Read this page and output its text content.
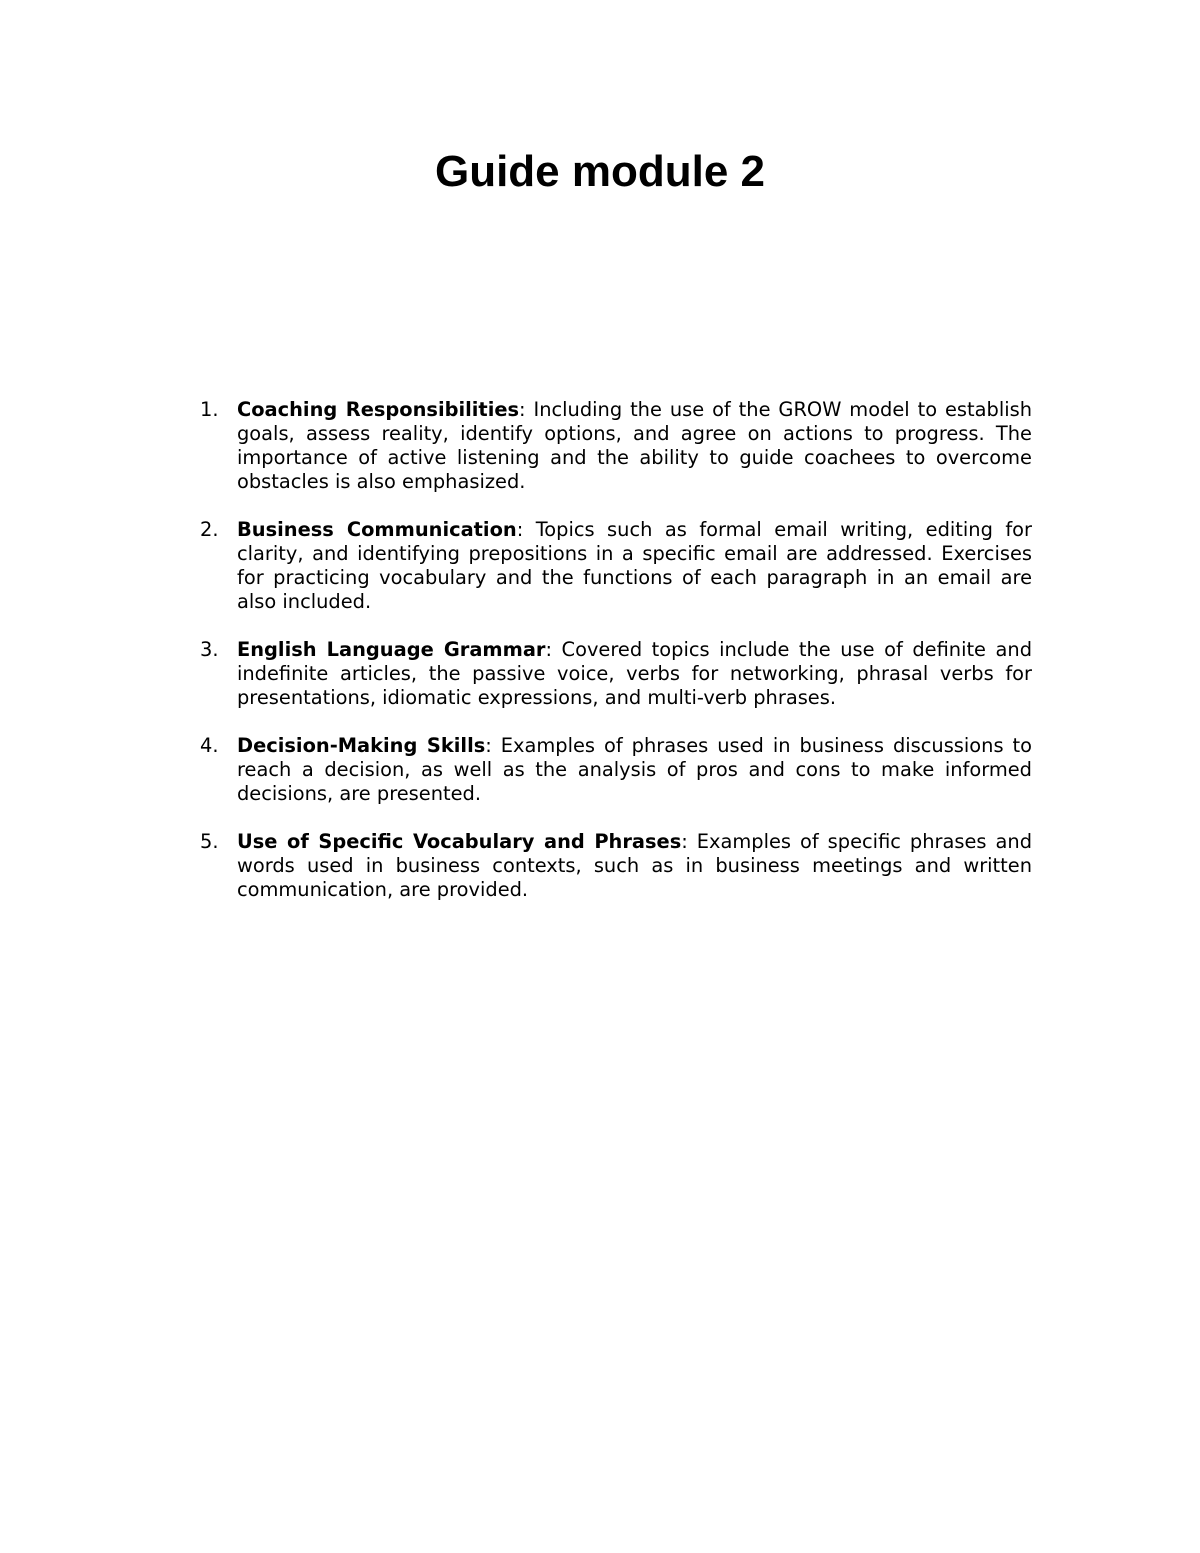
Guide module 2
1. Coaching Responsibilities: Including the use of the GROW model to establish goals, assess reality, identify options, and agree on actions to progress. The importance of active listening and the ability to guide coachees to overcome obstacles is also emphasized.
2. Business Communication: Topics such as formal email writing, editing for clarity, and identifying prepositions in a specific email are addressed. Exercises for practicing vocabulary and the functions of each paragraph in an email are also included.
3. English Language Grammar: Covered topics include the use of definite and indefinite articles, the passive voice, verbs for networking, phrasal verbs for presentations, idiomatic expressions, and multi-verb phrases.
4. Decision-Making Skills: Examples of phrases used in business discussions to reach a decision, as well as the analysis of pros and cons to make informed decisions, are presented.
5. Use of Specific Vocabulary and Phrases: Examples of specific phrases and words used in business contexts, such as in business meetings and written communication, are provided.
